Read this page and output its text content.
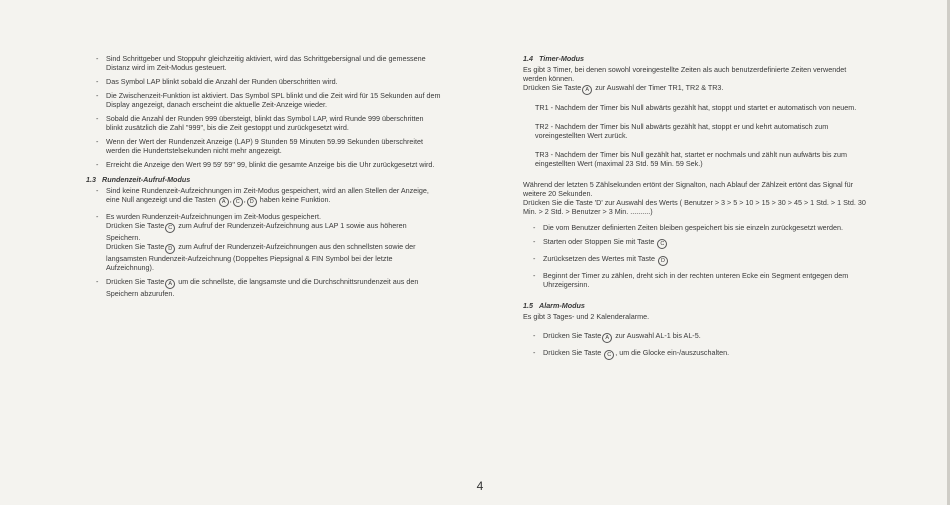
- Sind Schrittgeber und Stoppuhr gleichzeitig aktiviert, wird das Schrittgebersignal und die gemessene Distanz wird im Zeit-Modus gesteuert.
- Das Symbol LAP blinkt sobald die Anzahl der Runden überschritten wird.
- Die Zwischenzeit-Funktion ist aktiviert. Das Symbol SPL blinkt und die Zeit wird für 15 Sekunden auf dem Display angezeigt, danach erscheint die aktuelle Zeit-Anzeige wieder.
- Sobald die Anzahl der Runden 999 übersteigt, blinkt das Symbol LAP, wird Runde 999 überschritten blinkt zusätzlich die Zahl "999", bis die Zeit gestoppt und zurückgesetzt wird.
- Wenn der Wert der Rundenzeit Anzeige (LAP) 9 Stunden 59 Minuten 59.99 Sekunden überschreitet werden die Hundertstelsekunden nicht mehr angezeigt.
- Erreicht die Anzeige den Wert 99 59' 59'' 99, blinkt die gesamte Anzeige bis die Uhr zurückgesetzt wird.
1.3 Rundenzeit-Aufruf-Modus
- Sind keine Rundenzeit-Aufzeichnungen im Zeit-Modus gespeichert, wird an allen Stellen der Anzeige, eine Null angezeigt und die Tasten A , C , D haben keine Funktion.
- Es wurden Rundenzeit-Aufzeichnungen im Zeit-Modus gespeichert.
Drücken Sie Taste C zum Aufruf der Rundenzeit-Aufzeichnung aus LAP 1 sowie aus höheren Speichern.
Drücken Sie Taste D zum Aufruf der Rundenzeit-Aufzeichnungen aus den schnellsten sowie der langsamsten Rundenzeit-Aufzeichnung (Doppeltes Piepsignal & FIN Symbol bei der letzte Aufzeichnung).
- Drücken Sie Taste A um die schnellste, die langsamste und die Durchschnittsrundenzeit aus den Speichern abzurufen.
1.4 Timer-Modus
Es gibt 3 Timer, bei denen sowohl voreingestellte Zeiten als auch benutzerdefinierte Zeiten verwendet werden können.
Drücken Sie Taste A zur Auswahl der Timer TR1, TR2 & TR3.
TR1 - Nachdem der Timer bis Null abwärts gezählt hat, stoppt und startet er automatisch von neuem.
TR2 - Nachdem der Timer bis Null abwärts gezählt hat, stoppt er und kehrt automatisch zum voreingestellten Wert zurück.
TR3 - Nachdem der Timer bis Null gezählt hat, startet er nochmals und zählt nun aufwärts bis zum eingestellten Wert (maximal 23 Std. 59 Min. 59 Sek.)
Während der letzten 5 Zählsekunden ertönt der Signalton, nach Ablauf der Zählzeit ertönt das Signal für weitere 20 Sekunden.
Drücken Sie die Taste 'D' zur Auswahl des Werts ( Benutzer > 3 > 5 > 10 > 15 > 30 > 45 > 1 Std. > 1 Std. 30 Min. > 2 Std. > Benutzer > 3 Min. ..........)
- Die vom Benutzer definierten Zeiten bleiben gespeichert bis sie einzeln zurückgesetzt werden.
- Starten oder Stoppen Sie mit Taste C
- Zurücksetzen des Wertes mit Taste D
- Beginnt der Timer zu zählen, dreht sich in der rechten unteren Ecke ein Segment entgegen dem Uhrzeigersinn.
1.5 Alarm-Modus
Es gibt 3 Tages- und 2 Kalenderalarme.
- Drücken Sie Taste A zur Auswahl AL-1 bis AL-5.
- Drücken Sie Taste C , um die Glocke ein-/auszuschalten.
4
